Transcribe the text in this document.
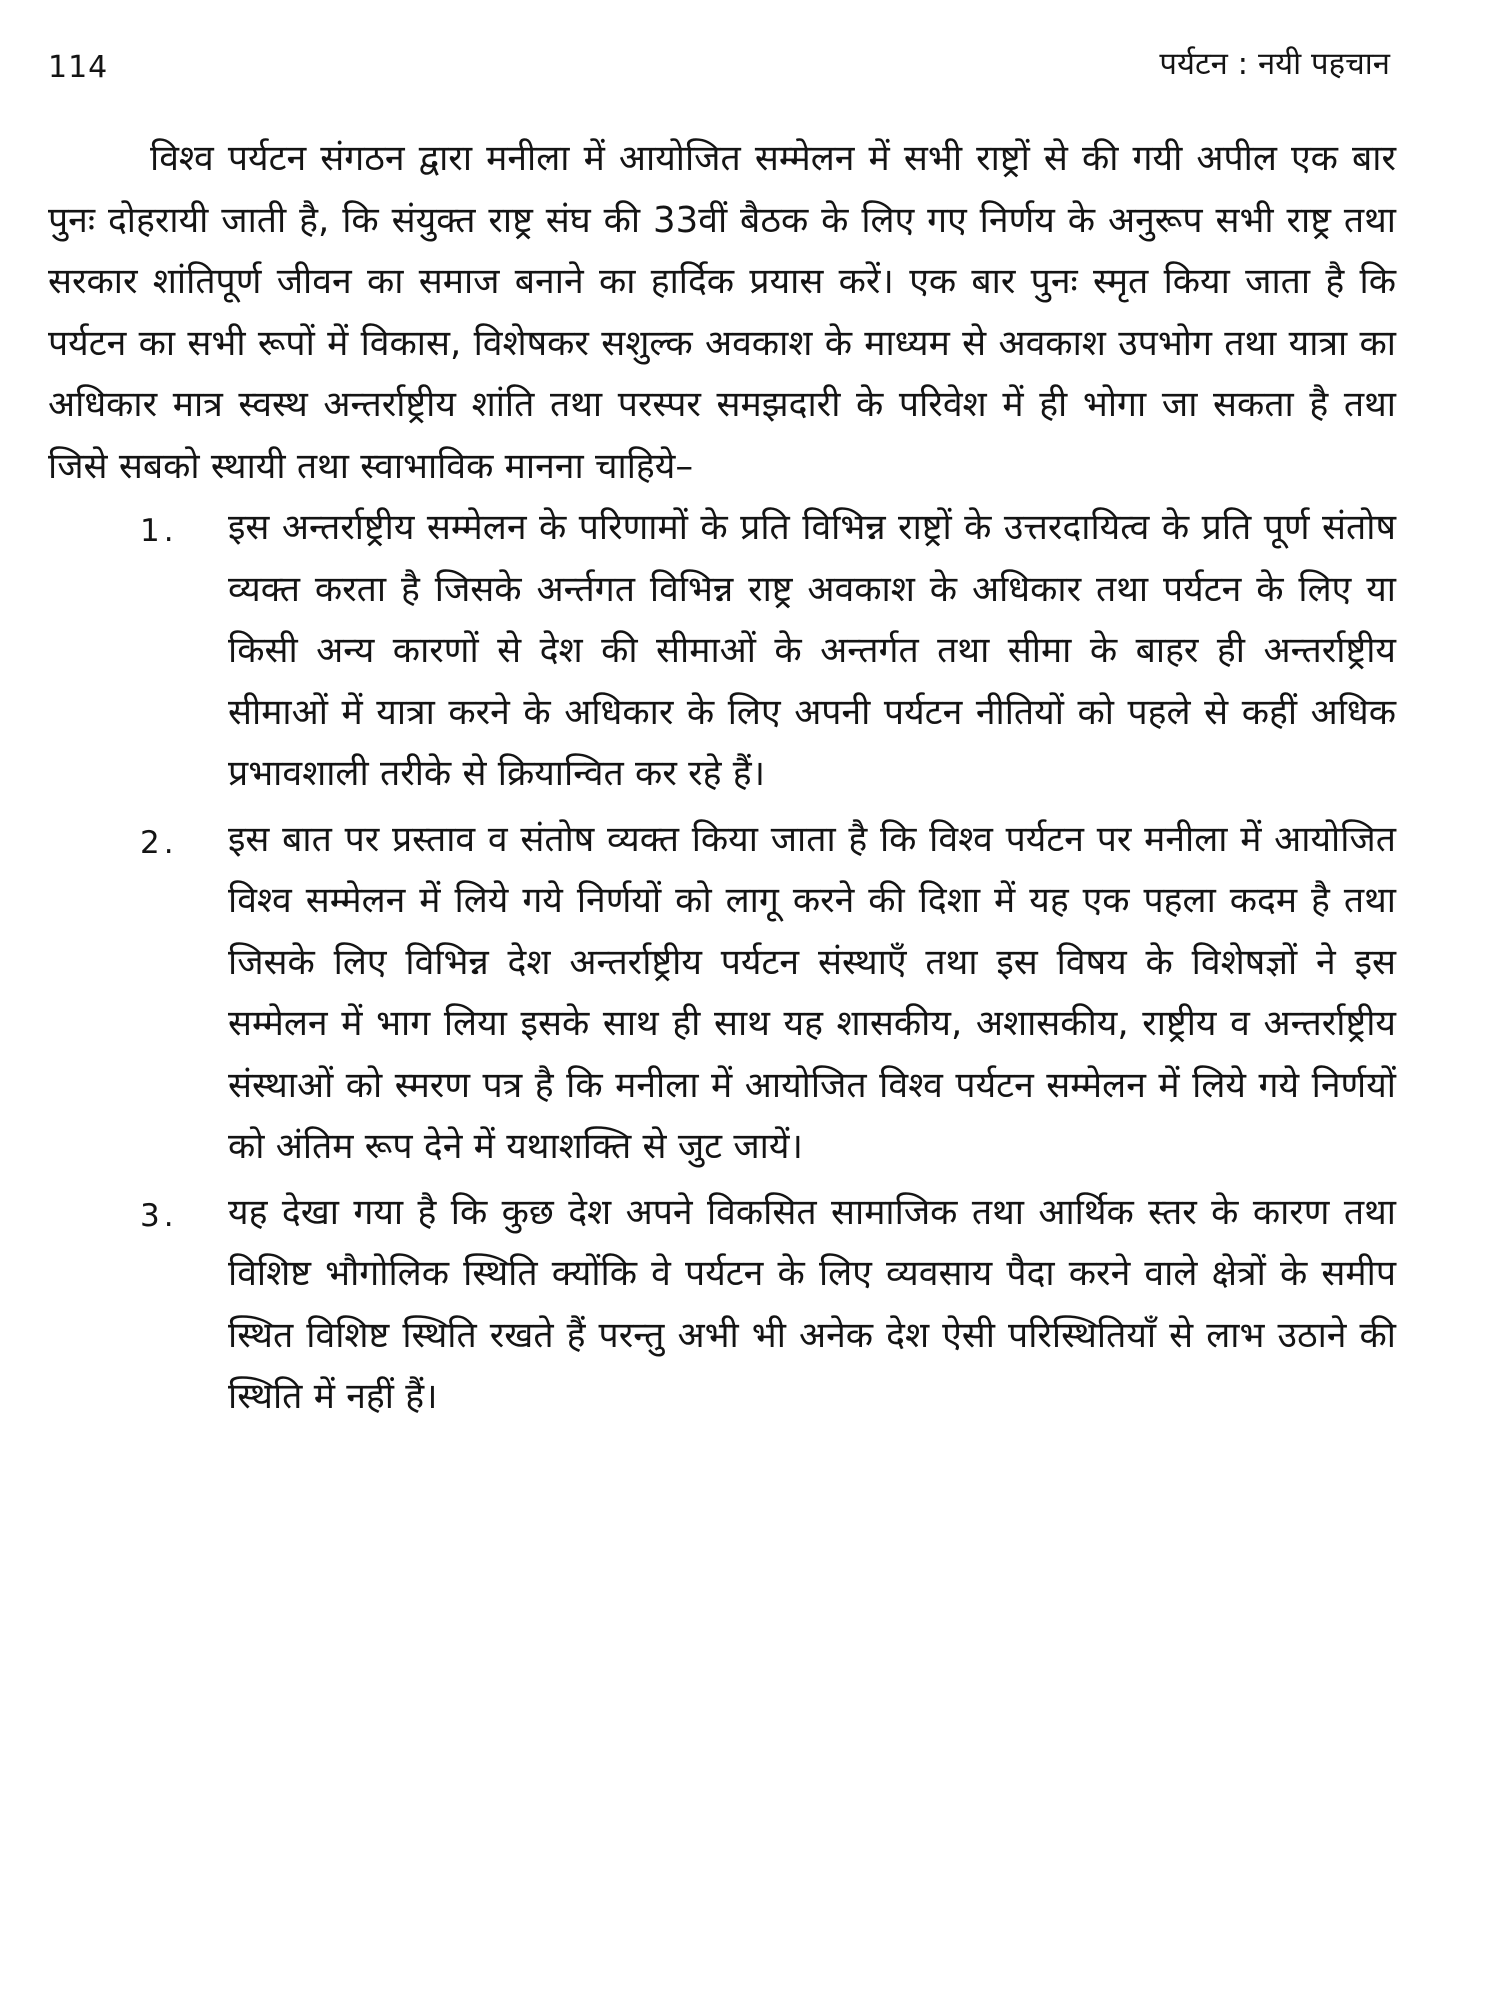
114	पर्यटन : नयी पहचान

विश्व पर्यटन संगठन द्वारा मनीला में आयोजित सम्मेलन में सभी राष्ट्रों से की गयी अपील एक बार पुनः दोहरायी जाती है, कि संयुक्त राष्ट्र संघ की 33वीं बैठक के लिए गए निर्णय के अनुरूप सभी राष्ट्र तथा सरकार शांतिपूर्ण जीवन का समाज बनाने का हार्दिक प्रयास करें। एक बार पुनः स्मृत किया जाता है कि पर्यटन का सभी रूपों में विकास, विशेषकर सशुल्क अवकाश के माध्यम से अवकाश उपभोग तथा यात्रा का अधिकार मात्र स्वस्थ अन्तर्राष्ट्रीय शांति तथा परस्पर समझदारी के परिवेश में ही भोगा जा सकता है तथा जिसे सबको स्थायी तथा स्वाभाविक मानना चाहिये–

1. इस अन्तर्राष्ट्रीय सम्मेलन के परिणामों के प्रति विभिन्न राष्ट्रों के उत्तरदायित्व के प्रति पूर्ण संतोष व्यक्त करता है जिसके अर्न्तगत विभिन्न राष्ट्र अवकाश के अधिकार तथा पर्यटन के लिए या किसी अन्य कारणों से देश की सीमाओं के अन्तर्गत तथा सीमा के बाहर ही अन्तर्राष्ट्रीय सीमाओं में यात्रा करने के अधिकार के लिए अपनी पर्यटन नीतियों को पहले से कहीं अधिक प्रभावशाली तरीके से क्रियान्वित कर रहे हैं।
2. इस बात पर प्रस्ताव व संतोष व्यक्त किया जाता है कि विश्व पर्यटन पर मनीला में आयोजित विश्व सम्मेलन में लिये गये निर्णयों को लागू करने की दिशा में यह एक पहला कदम है तथा जिसके लिए विभिन्न देश अन्तर्राष्ट्रीय पर्यटन संस्थाएँ तथा इस विषय के विशेषज्ञों ने इस सम्मेलन में भाग लिया इसके साथ ही साथ यह शासकीय, अशासकीय, राष्ट्रीय व अन्तर्राष्ट्रीय संस्थाओं को स्मरण पत्र है कि मनीला में आयोजित विश्व पर्यटन सम्मेलन में लिये गये निर्णयों को अंतिम रूप देने में यथाशक्ति से जुट जायें।
3. यह देखा गया है कि कुछ देश अपने विकसित सामाजिक तथा आर्थिक स्तर के कारण तथा विशिष्ट भौगोलिक स्थिति क्योंकि वे पर्यटन के लिए व्यवसाय पैदा करने वाले क्षेत्रों के समीप स्थित विशिष्ट स्थिति रखते हैं परन्तु अभी भी अनेक देश ऐसी परिस्थितियाँ से लाभ उठाने की स्थिति में नहीं हैं।
